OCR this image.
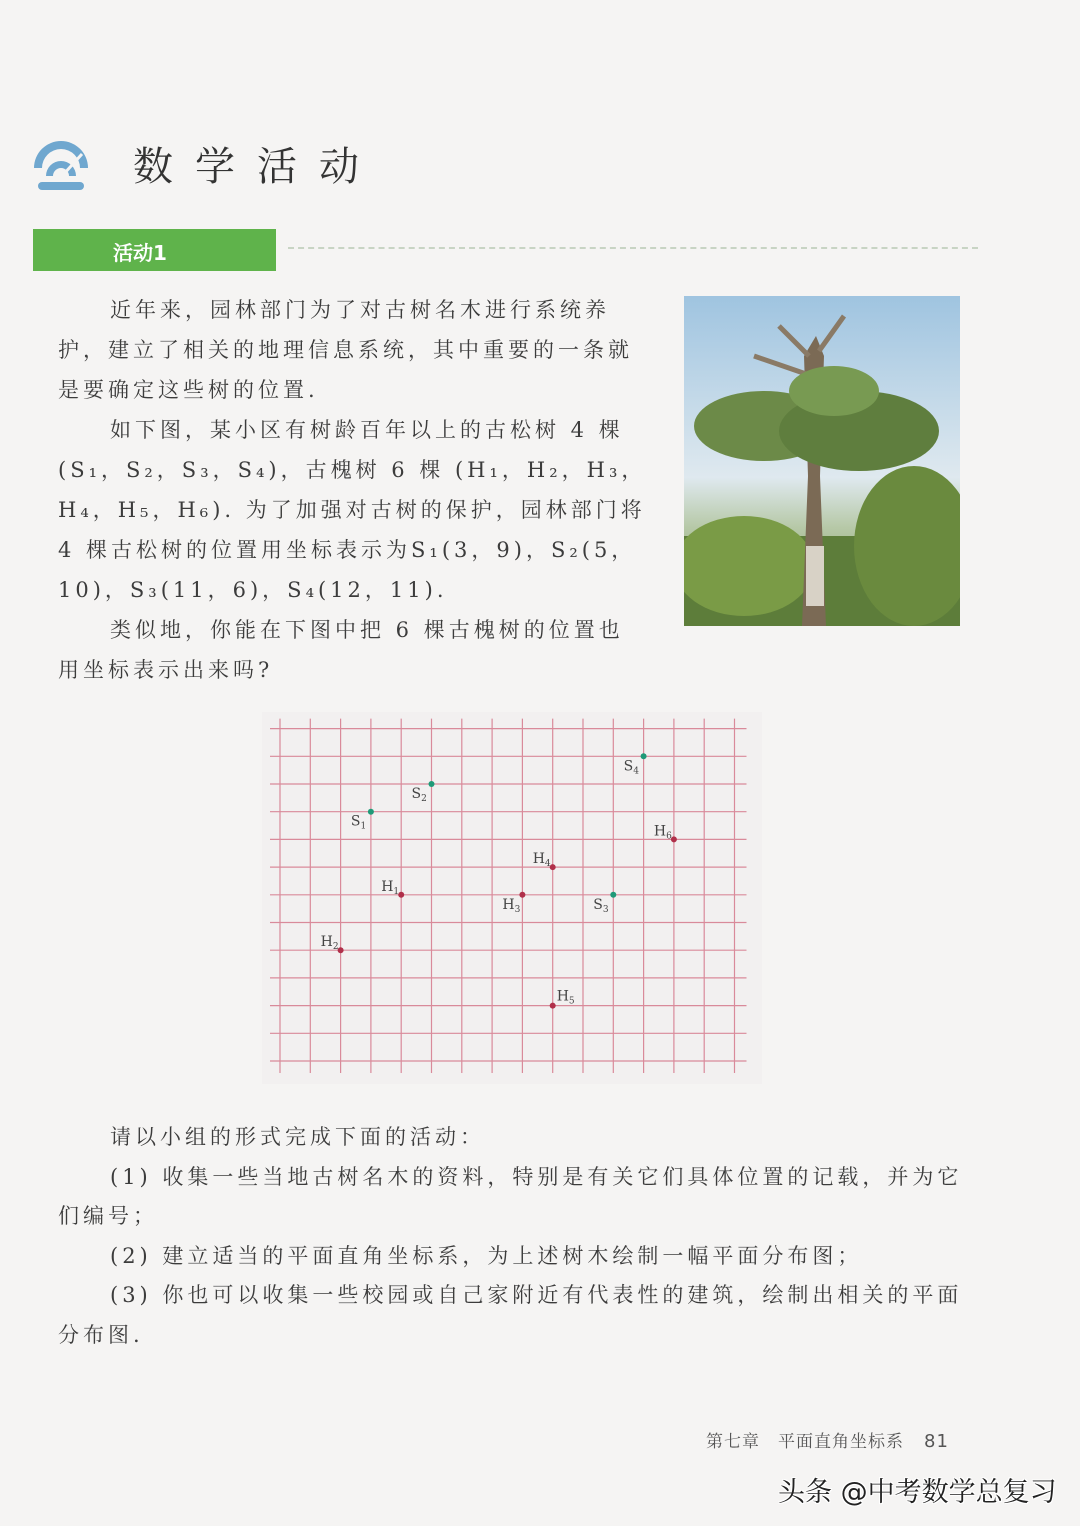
数学活动
活动1

近年来，园林部门为了对古树名木进行系统养护，建立了相关的地理信息系统，其中重要的一条就是要确定这些树的位置.

如下图，某小区有树龄百年以上的古松树 4 棵(S₁，S₂，S₃，S₄)，古槐树 6 棵 (H₁，H₂，H₃，H₄，H₅，H₆). 为了加强对古树的保护，园林部门将 4 棵古松树的位置用坐标表示为S₁(3，9)，S₂(5，10)，S₃(11，6)，S₄(12，11).

类似地，你能在下图中把 6 棵古槐树的位置也用坐标表示出来吗?

$S_1$
$S_2$
$S_3$
$S_4$
$H_1$
$H_2$
$H_3$
$H_4$
$H_5$
$H_6$

请以小组的形式完成下面的活动：

(1) 收集一些当地古树名木的资料，特别是有关它们具体位置的记载，并为它们编号；

(2) 建立适当的平面直角坐标系，为上述树木绘制一幅平面分布图；

(3) 你也可以收集一些校园或自己家附近有代表性的建筑，绘制出相关的平面分布图.

第七章　平面直角坐标系 81
头条 @中考数学总复习
